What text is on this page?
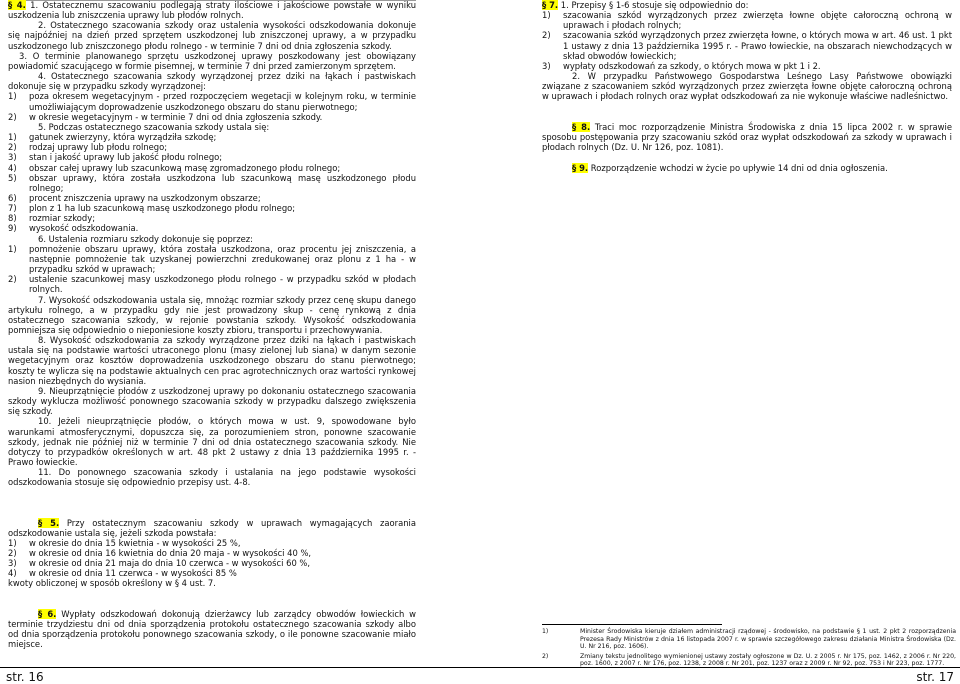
§ 4. 1. Ostatecznemu szacowaniu podlegają straty ilościowe i jakościowe powstałe w wyniku uszkodzenia lub zniszczenia uprawy lub płodów rolnych.

2. Ostatecznego szacowania szkody oraz ustalenia wysokości odszkodowania dokonuje się najpóźniej na dzień przed sprzętem uszkodzonej lub zniszczonej uprawy, a w przypadku uszkodzonego lub zniszczonego płodu rolnego - w terminie 7 dni od dnia zgłoszenia szkody.

3. O terminie planowanego sprzętu uszkodzonej uprawy poszkodowany jest obowiązany powiadomić szacującego w formie pisemnej, w terminie 7 dni przed zamierzonym sprzętem.

4. Ostatecznego szacowania szkody wyrządzonej przez dziki na łąkach i pastwiskach dokonuje się w przypadku szkody wyrządzonej:

1)	poza okresem wegetacyjnym - przed rozpoczęciem wegetacji w kolejnym roku, w terminie umożliwiającym doprowadzenie uszkodzonego obszaru do stanu pierwotnego;
2)	w okresie wegetacyjnym - w terminie 7 dni od dnia zgłoszenia szkody.

5. Podczas ostatecznego szacowania szkody ustala się:

1)	gatunek zwierzyny, która wyrządziła szkodę;
2)	rodzaj uprawy lub płodu rolnego;
3)	stan i jakość uprawy lub jakość płodu rolnego;
4)	obszar całej uprawy lub szacunkową masę zgromadzonego płodu rolnego;
5)	obszar uprawy, która została uszkodzona lub szacunkową masę uszkodzonego płodu rolnego;
6)	procent zniszczenia uprawy na uszkodzonym obszarze;
7)	plon z 1 ha lub szacunkową masę uszkodzonego płodu rolnego;
8)	rozmiar szkody;
9)	wysokość odszkodowania.

6. Ustalenia rozmiaru szkody dokonuje się poprzez:

1)	pomnożenie obszaru uprawy, która została uszkodzona, oraz procentu jej zniszczenia, a następnie pomnożenie tak uzyskanej powierzchni zredukowanej oraz plonu z 1 ha - w przypadku szkód w uprawach;
2)	ustalenie szacunkowej masy uszkodzonego płodu rolnego - w przypadku szkód w płodach rolnych.

7. Wysokość odszkodowania ustala się, mnożąc rozmiar szkody przez cenę skupu danego artykułu rolnego, a w przypadku gdy nie jest prowadzony skup - cenę rynkową z dnia ostatecznego szacowania szkody, w rejonie powstania szkody. Wysokość odszkodowania pomniejsza się odpowiednio o nieponiesione koszty zbioru, transportu i przechowywania.

8. Wysokość odszkodowania za szkody wyrządzone przez dziki na łąkach i pastwiskach ustala się na podstawie wartości utraconego plonu (masy zielonej lub siana) w danym sezonie wegetacyjnym oraz kosztów doprowadzenia uszkodzonego obszaru do stanu pierwotnego; koszty te wylicza się na podstawie aktualnych cen prac agrotechnicznych oraz wartości rynkowej nasion niezbędnych do wysiania.

9. Nieuprzątnięcie płodów z uszkodzonej uprawy po dokonaniu ostatecznego szacowania szkody wyklucza możliwość ponownego szacowania szkody w przypadku dalszego zwiększenia się szkody.

10. Jeżeli nieuprzątnięcie płodów, o których mowa w ust. 9, spowodowane było warunkami atmosferycznymi, dopuszcza się, za porozumieniem stron, ponowne szacowanie szkody, jednak nie później niż w terminie 7 dni od dnia ostatecznego szacowania szkody. Nie dotyczy to przypadków określonych w art. 48 pkt 2 ustawy z dnia 13 października 1995 r. - Prawo łowieckie.

11. Do ponownego szacowania szkody i ustalania na jego podstawie wysokości odszkodowania stosuje się odpowiednio przepisy ust. 4-8.

§ 5. Przy ostatecznym szacowaniu szkody w uprawach wymagających zaorania odszkodowanie ustala się, jeżeli szkoda powstała:

1)	w okresie do dnia 15 kwietnia - w wysokości 25 %,
2)	w okresie od dnia 16 kwietnia do dnia 20 maja - w wysokości 40 %,
3)	w okresie od dnia 21 maja do dnia 10 czerwca - w wysokości 60 %,
4)	w okresie od dnia 11 czerwca - w wysokości 85 %

kwoty obliczonej w sposób określony w § 4 ust. 7.

§ 6. Wypłaty odszkodowań dokonują dzierżawcy lub zarządcy obwodów łowieckich w terminie trzydziestu dni od dnia sporządzenia protokołu ostatecznego szacowania szkody albo od dnia sporządzenia protokołu ponownego szacowania szkody, o ile ponowne szacowanie miało miejsce.

§ 7. 1. Przepisy § 1-6 stosuje się odpowiednio do:

1)	szacowania szkód wyrządzonych przez zwierzęta łowne objęte całoroczną ochroną w uprawach i płodach rolnych;
2)	szacowania szkód wyrządzonych przez zwierzęta łowne, o których mowa w art. 46 ust. 1 pkt 1 ustawy z dnia 13 października 1995 r. - Prawo łowieckie, na obszarach niewchodzących w skład obwodów łowieckich;
3)	wypłaty odszkodowań za szkody, o których mowa w pkt 1 i 2.

2. W przypadku Państwowego Gospodarstwa Leśnego Lasy Państwowe obowiązki związane z szacowaniem szkód wyrządzonych przez zwierzęta łowne objęte całoroczną ochroną w uprawach i płodach rolnych oraz wypłat odszkodowań za nie wykonuje właściwe nadleśnictwo.

§ 8. Traci moc rozporządzenie Ministra Środowiska z dnia 15 lipca 2002 r. w sprawie sposobu postępowania przy szacowaniu szkód oraz wypłat odszkodowań za szkody w uprawach i płodach rolnych (Dz. U. Nr 126, poz. 1081).

§ 9. Rozporządzenie wchodzi w życie po upływie 14 dni od dnia ogłoszenia.

1)	Minister Środowiska kieruje działem administracji rządowej - środowisko, na podstawie § 1 ust. 2 pkt 2 rozporządzenia Prezesa Rady Ministrów z dnia 16 listopada 2007 r. w sprawie szczegółowego zakresu działania Ministra Środowiska (Dz. U. Nr 216, poz. 1606).
2)	Zmiany tekstu jednolitego wymienionej ustawy zostały ogłoszone w Dz. U. z 2005 r. Nr 175, poz. 1462, z 2006 r. Nr 220, poz. 1600, z 2007 r. Nr 176, poz. 1238, z 2008 r. Nr 201, poz. 1237 oraz z 2009 r. Nr 92, poz. 753 i Nr 223, poz. 1777.
str. 16	str. 17
